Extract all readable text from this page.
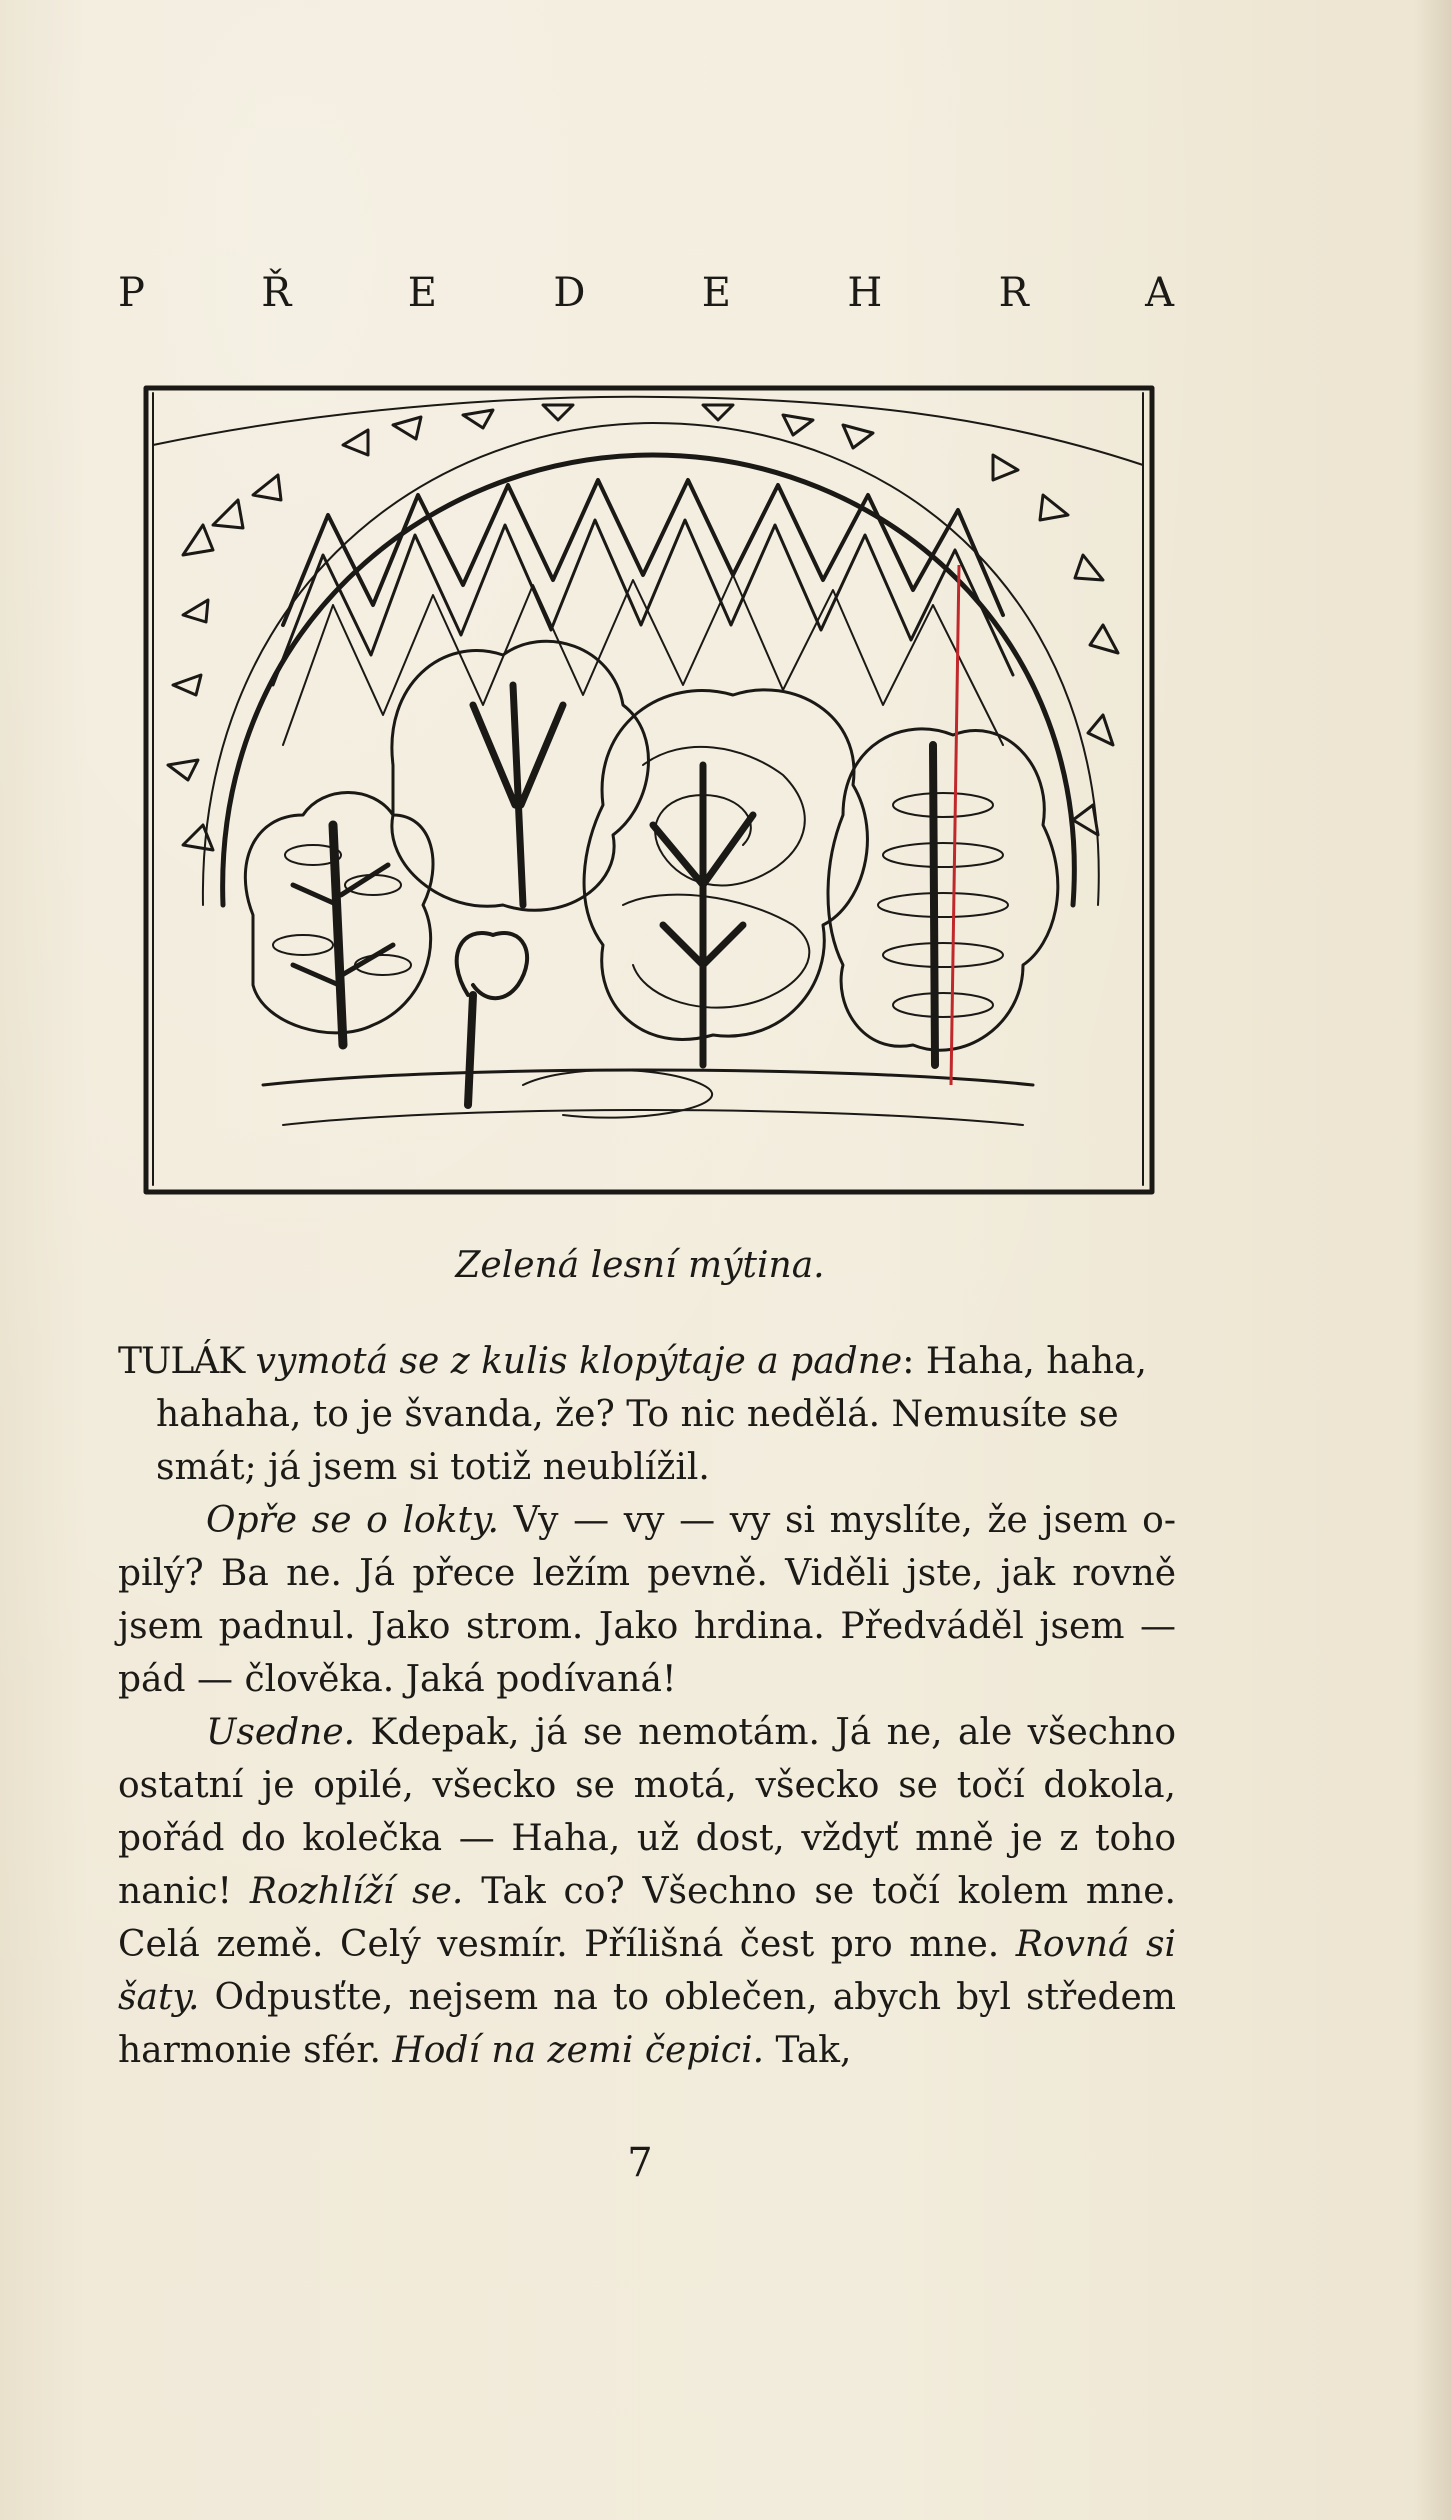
P	Ř	E	D	E	H	R	A
Zelená lesní mýtina.

TULÁK vymotá se z kulis klopýtaje a padne: Haha, haha,

hahaha, to je švanda, že? To nic nedělá. Nemusíte se

smát; já jsem si totiž neublížil.

Opře se o lokty. Vy — vy — vy si myslíte, že jsem o-pilý? Ba ne. Já přece ležím pevně. Viděli jste, jak rovně jsem padnul. Jako strom. Jako hrdina. Předváděl jsem — pád — člověka. Jaká podívaná!

Usedne. Kdepak, já se nemotám. Já ne, ale všechno ostatní je opilé, všecko se motá, všecko se točí dokola, pořád do kolečka — Haha, už dost, vždyť mně je z toho nanic! Rozhlíží se. Tak co? Všechno se točí kolem mne. Celá země. Celý vesmír. Přílišná čest pro mne. Rovná si šaty. Odpusťte, nejsem na to oblečen, abych byl středem harmonie sfér. Hodí na zemi čepici. Tak,

7
